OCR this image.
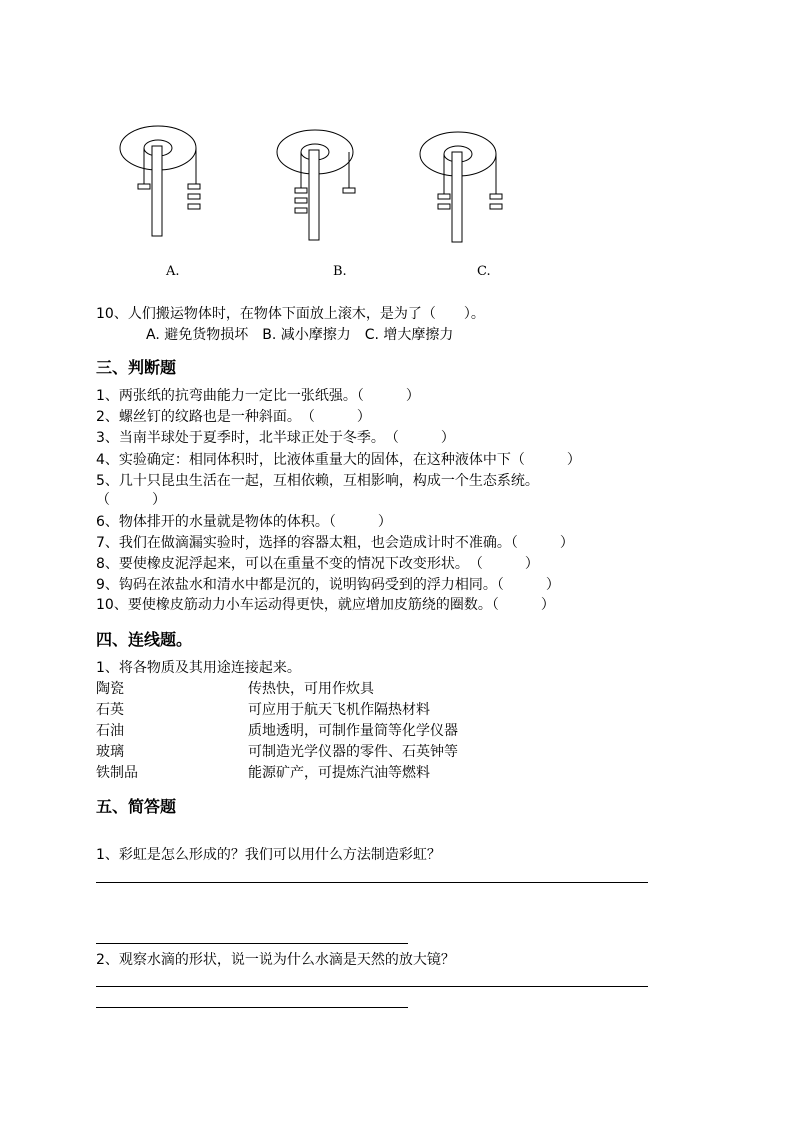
A.	B.	C.
10、人们搬运物体时，在物体下面放上滚木，是为了（　　）。
A. 避免货物损坏　B. 减小摩擦力　C. 增大摩擦力
三、判断题
1、两张纸的抗弯曲能力一定比一张纸强。（　　　）
2、螺丝钉的纹路也是一种斜面。　（　　　）
3、当南半球处于夏季时，北半球正处于冬季。　（　　　）
4、实验确定：相同体积时，比液体重量大的固体，在这种液体中下（　　　）
5、几十只昆虫生活在一起，互相依赖，互相影响，构成一个生态系统。
（　　　）
6、物体排开的水量就是物体的体积。（　　　）
7、我们在做滴漏实验时，选择的容器太粗，也会造成计时不准确。（　　　）
8、要使橡皮泥浮起来，可以在重量不变的情况下改变形状。　（　　　）
9、钩码在浓盐水和清水中都是沉的，说明钩码受到的浮力相同。（　　　）
10、要使橡皮筋动力小车运动得更快，就应增加皮筋绕的圈数。（　　　）
四、连线题。
1、将各物质及其用途连接起来。
陶瓷
石英
石油
玻璃
铁制品
传热快，可用作炊具
可应用于航天飞机作隔热材料
质地透明，可制作量筒等化学仪器
可制造光学仪器的零件、石英钟等
能源矿产，可提炼汽油等燃料
五、简答题
1、彩虹是怎么形成的？我们可以用什么方法制造彩虹？
2、观察水滴的形状，说一说为什么水滴是天然的放大镜？
